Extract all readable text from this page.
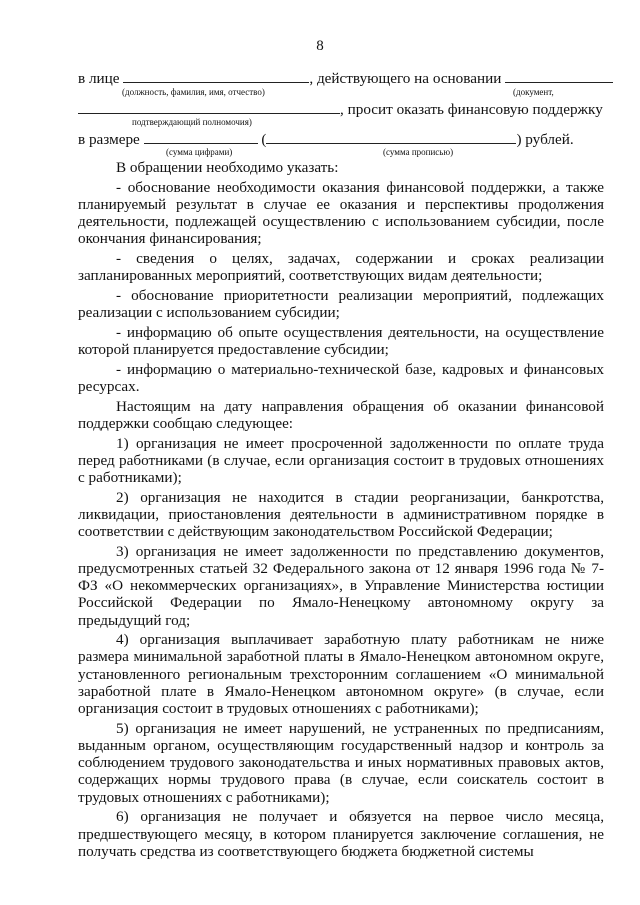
8
в лице	, действующего на основании
(должность, фамилия, имя, отчество)	(документ,
, просит оказать финансовую поддержку
подтверждающий полномочия)
в размере	(	) рублей.
(сумма цифрами)	(сумма прописью)

В обращении необходимо указать:

- обоснование необходимости оказания финансовой поддержки, а также планируемый результат в случае ее оказания и перспективы продолжения деятельности, подлежащей осуществлению с использованием субсидии, после окончания финансирования;

- сведения о целях, задачах, содержании и сроках реализации запланированных мероприятий, соответствующих видам деятельности;

- обоснование приоритетности реализации мероприятий, подлежащих реализации с использованием субсидии;

- информацию об опыте осуществления деятельности, на осуществление которой планируется предоставление субсидии;

- информацию о материально-технической базе, кадровых и финансовых ресурсах.

Настоящим на дату направления обращения об оказании финансовой поддержки сообщаю следующее:

1) организация не имеет просроченной задолженности по оплате труда перед работниками (в случае, если организация состоит в трудовых отношениях с работниками);

2) организация не находится в стадии реорганизации, банкротства, ликвидации, приостановления деятельности в административном порядке в соответствии с действующим законодательством Российской Федерации;

3) организация не имеет задолженности по представлению документов, предусмотренных статьей 32 Федерального закона от 12 января 1996 года № 7-ФЗ «О некоммерческих организациях», в Управление Министерства юстиции Российской Федерации по Ямало-Ненецкому автономному округу за предыдущий год;

4) организация выплачивает заработную плату работникам не ниже размера минимальной заработной платы в Ямало-Ненецком автономном округе, установленного региональным трехсторонним соглашением «О минимальной заработной плате в Ямало-Ненецком автономном округе» (в случае, если организация состоит в трудовых отношениях с работниками);

5) организация не имеет нарушений, не устраненных по предписаниям, выданным органом, осуществляющим государственный надзор и контроль за соблюдением трудового законодательства и иных нормативных правовых актов, содержащих нормы трудового права (в случае, если соискатель состоит в трудовых отношениях с работниками);

6) организация не получает и обязуется на первое число месяца, предшествующего месяцу, в котором планируется заключение соглашения, не получать средства из соответствующего бюджета бюджетной системы
